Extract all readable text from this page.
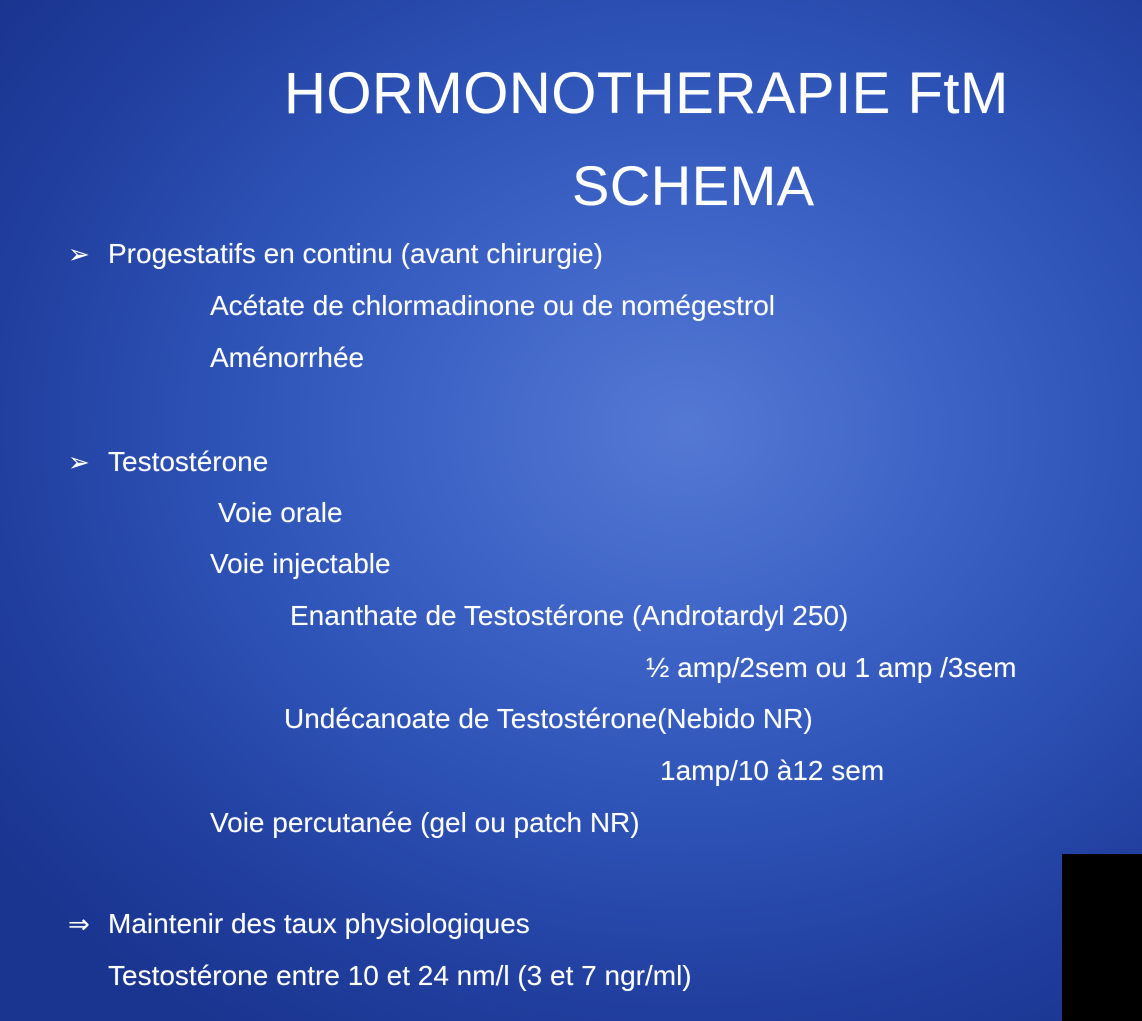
HORMONOTHERAPIE FtM
SCHEMA
➢ Progestatifs en continu (avant chirurgie)
Acétate de chlormadinone ou de nomégestrol
Aménorrhée
➢ Testostérone
Voie orale
Voie injectable
Enanthate de Testostérone (Androtardyl 250)
½ amp/2sem ou 1 amp /3sem
Undécanoate de Testostérone(Nebido NR)
1amp/10 à12 sem
Voie percutanée (gel ou patch NR)
⇒ Maintenir des taux physiologiques
Testostérone entre 10 et 24 nm/l (3 et 7 ngr/ml)
